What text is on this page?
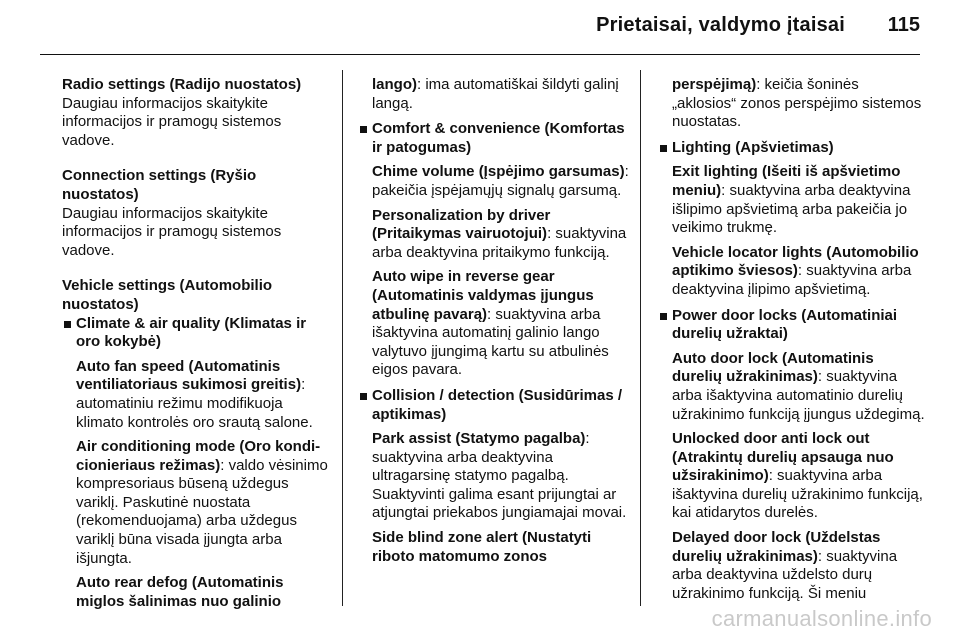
Prietaisai, valdymo įtaisai 115

Radio settings (Radijo nuostatos)

Daugiau informacijos skaitykite informacijos ir pramogų sistemos vadove.

Connection settings (Ryšio nuostatos)

Daugiau informacijos skaitykite informacijos ir pramogų sistemos vadove.

Vehicle settings (Automobilio nuostatos)

Climate & air quality (Klimatas ir oro kokybė)

Auto fan speed (Automatinis ventiliatoriaus sukimosi greitis): automatiniu režimu modifikuoja klimato kontrolės oro srautą salone.

Air conditioning mode (Oro kondicionieriaus režimas): valdo vėsinimo kompresoriaus būseną uždegus variklį. Paskutinė nuostata (rekomenduojama) arba uždegus variklį būna visada įjungta arba išjungta.

Auto rear defog (Automatinis miglos šalinimas nuo galinio

lango): ima automatiškai šildyti galinį langą.

Comfort & convenience (Komfortas ir patogumas)

Chime volume (Įspėjimo garsumas): pakeičia įspėjamųjų signalų garsumą.

Personalization by driver (Pritaikymas vairuotojui): suaktyvina arba deaktyvina pritaikymo funkciją.

Auto wipe in reverse gear (Automatinis valdymas įjungus atbulinę pavarą): suaktyvina arba išaktyvina automatinį galinio lango valytuvo įjungimą kartu su atbulinės eigos pavara.

Collision / detection (Susidūrimas / aptikimas)

Park assist (Statymo pagalba): suaktyvina arba deaktyvina ultragarsinę statymo pagalbą. Suaktyvinti galima esant prijungtai ar atjungtai priekabos jungiamajai movai.

Side blind zone alert (Nustatyti riboto matomumo zonos

perspėjimą): keičia šoninės „aklosios“ zonos perspėjimo sistemos nuostatas.

Lighting (Apšvietimas)

Exit lighting (Išeiti iš apšvietimo meniu): suaktyvina arba deaktyvina išlipimo apšvietimą arba pakeičia jo veikimo trukmę.

Vehicle locator lights (Automobilio aptikimo šviesos): suaktyvina arba deaktyvina įlipimo apšvietimą.

Power door locks (Automatiniai durelių užraktai)

Auto door lock (Automatinis durelių užrakinimas): suaktyvina arba išaktyvina automatinio durelių užrakinimo funkciją įjungus uždegimą.

Unlocked door anti lock out (Atrakintų durelių apsauga nuo užsirakinimo): suaktyvina arba išaktyvina durelių užrakinimo funkciją, kai atidarytos durelės.

Delayed door lock (Uždelstas durelių užrakinimas): suaktyvina arba deaktyvina uždelsto durų užrakinimo funkciją. Ši meniu

carmanualsonline.info
